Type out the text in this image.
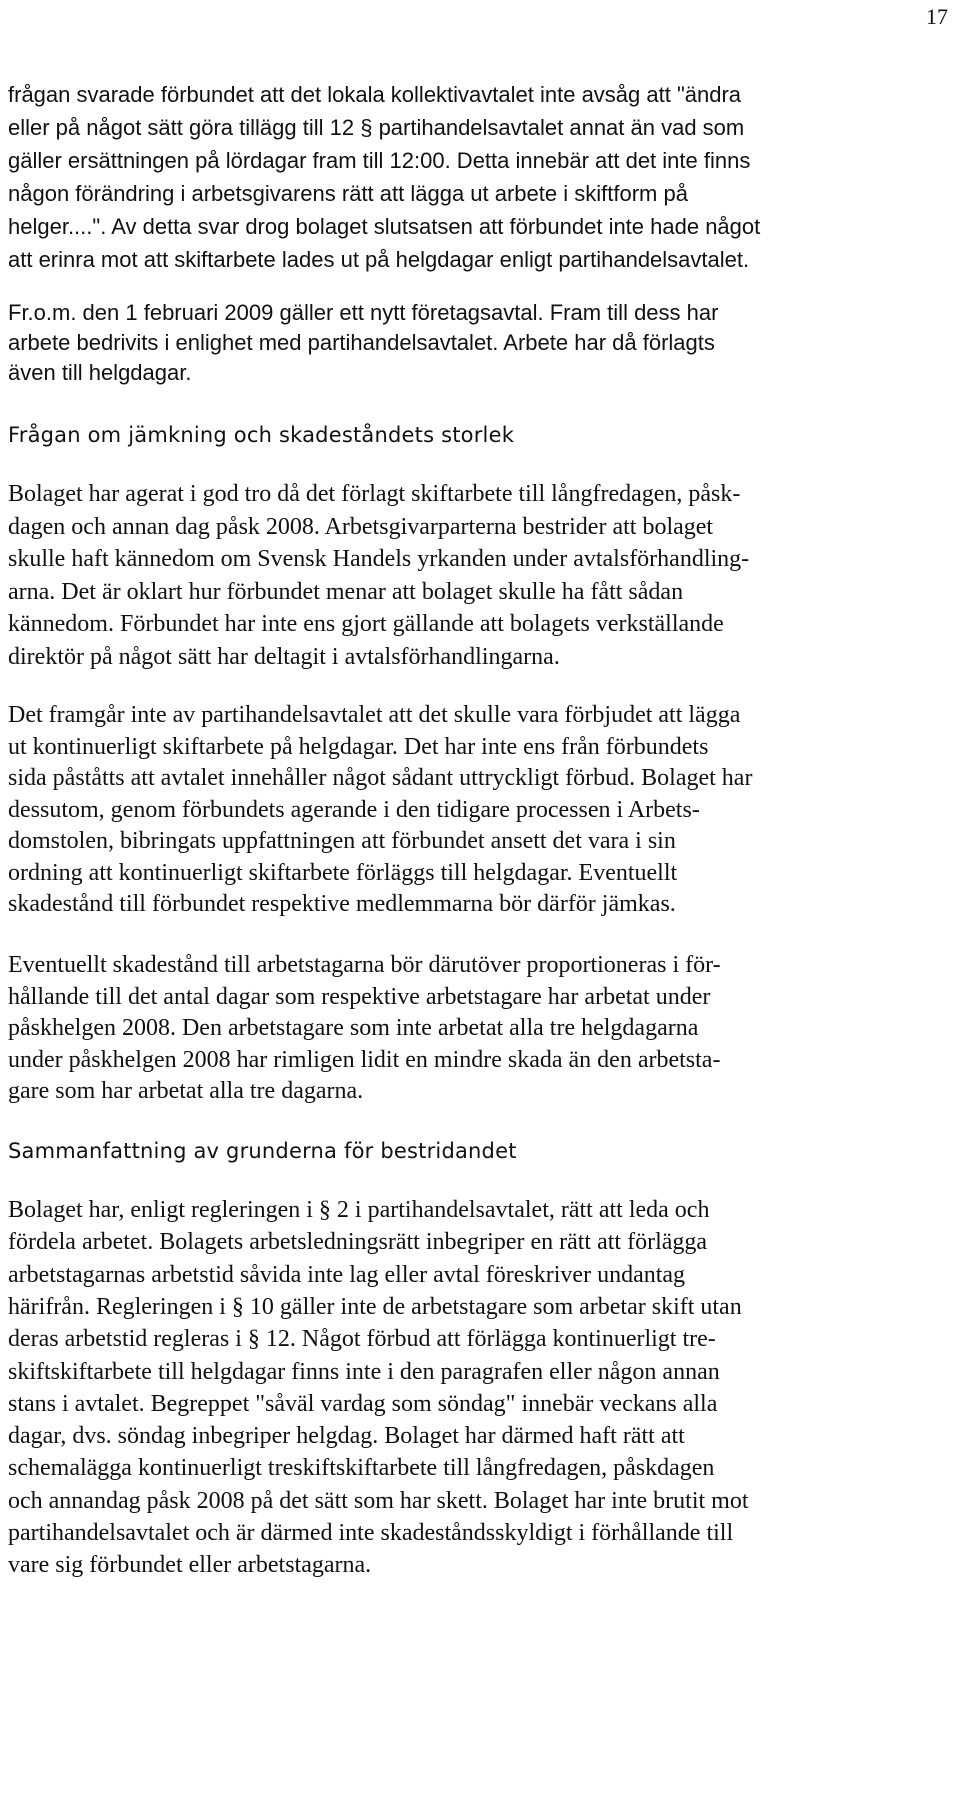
17
frågan svarade förbundet att det lokala kollektivavtalet inte avsåg att "ändra
eller på något sätt göra tillägg till 12 § partihandelsavtalet annat än vad som
gäller ersättningen på lördagar fram till 12:00. Detta innebär att det inte finns
någon förändring i arbetsgivarens rätt att lägga ut arbete i skiftform på
helger....". Av detta svar drog bolaget slutsatsen att förbundet inte hade något
att erinra mot att skiftarbete lades ut på helgdagar enligt partihandelsavtalet.
Fr.o.m. den 1 februari 2009 gäller ett nytt företagsavtal. Fram till dess har
arbete bedrivits i enlighet med partihandelsavtalet. Arbete har då förlagts
även till helgdagar.
Frågan om jämkning och skadeståndets storlek
Bolaget har agerat i god tro då det förlagt skiftarbete till långfredagen, påsk-
dagen och annan dag påsk 2008. Arbetsgivarparterna bestrider att bolaget
skulle haft kännedom om Svensk Handels yrkanden under avtalsförhandling-
arna. Det är oklart hur förbundet menar att bolaget skulle ha fått sådan
kännedom. Förbundet har inte ens gjort gällande att bolagets verkställande
direktör på något sätt har deltagit i avtalsförhandlingarna.
Det framgår inte av partihandelsavtalet att det skulle vara förbjudet att lägga
ut kontinuerligt skiftarbete på helgdagar. Det har inte ens från förbundets
sida påståtts att avtalet innehåller något sådant uttryckligt förbud. Bolaget har
dessutom, genom förbundets agerande i den tidigare processen i Arbets-
domstolen, bibringats uppfattningen att förbundet ansett det vara i sin
ordning att kontinuerligt skiftarbete förläggs till helgdagar. Eventuellt
skadestånd till förbundet respektive medlemmarna bör därför jämkas.
Eventuellt skadestånd till arbetstagarna bör därutöver proportioneras i för-
hållande till det antal dagar som respektive arbetstagare har arbetat under
påskhelgen 2008. Den arbetstagare som inte arbetat alla tre helgdagarna
under påskhelgen 2008 har rimligen lidit en mindre skada än den arbetsta-
gare som har arbetat alla tre dagarna.
Sammanfattning av grunderna för bestridandet
Bolaget har, enligt regleringen i § 2 i partihandelsavtalet, rätt att leda och
fördela arbetet. Bolagets arbetsledningsrätt inbegriper en rätt att förlägga
arbetstagarnas arbetstid såvida inte lag eller avtal föreskriver undantag
härifrån. Regleringen i § 10 gäller inte de arbetstagare som arbetar skift utan
deras arbetstid regleras i § 12. Något förbud att förlägga kontinuerligt tre-
skiftskiftarbete till helgdagar finns inte i den paragrafen eller någon annan
stans i avtalet. Begreppet "såväl vardag som söndag" innebär veckans alla
dagar, dvs. söndag inbegriper helgdag. Bolaget har därmed haft rätt att
schemalägga kontinuerligt treskiftskiftarbete till långfredagen, påskdagen
och annandag påsk 2008 på det sätt som har skett. Bolaget har inte brutit mot
partihandelsavtalet och är därmed inte skadeståndsskyldigt i förhållande till
vare sig förbundet eller arbetstagarna.
